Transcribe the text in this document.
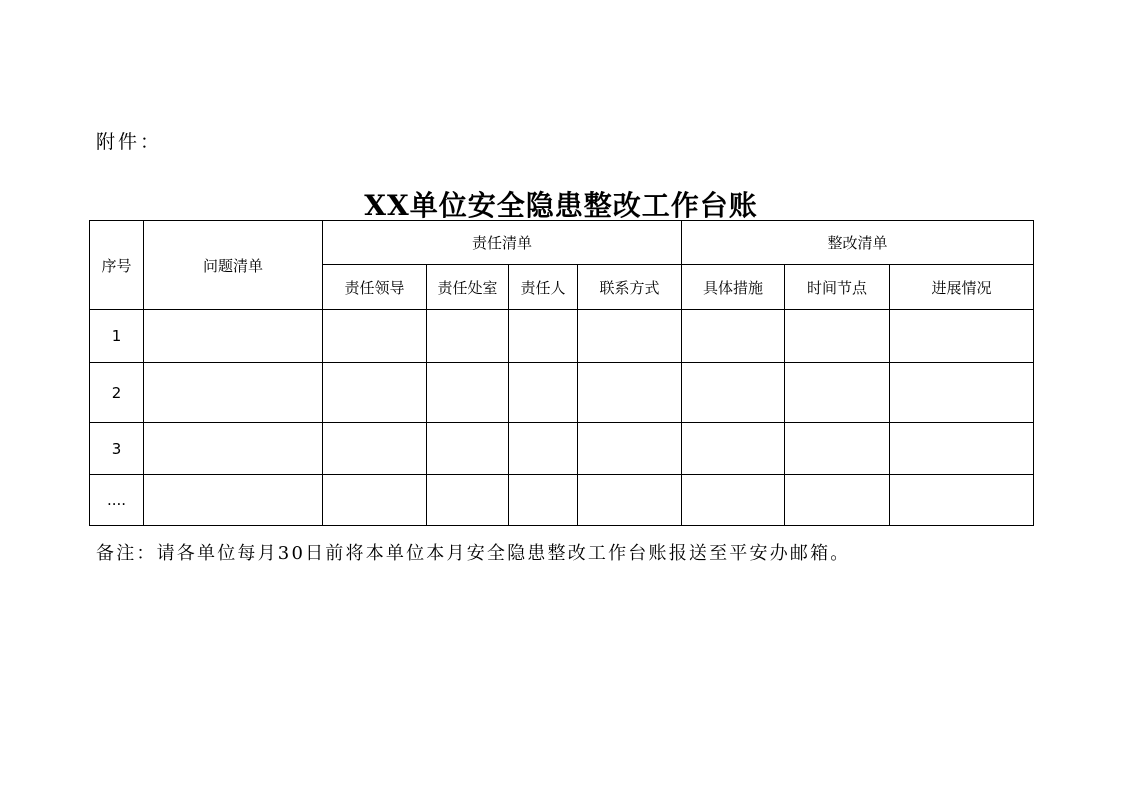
附件：
XX单位安全隐患整改工作台账
序号	问题清单	责任清单				整改清单		
		责任领导	责任处室	责任人	联系方式	具体措施	时间节点	进展情况
1								
2								
3								
....								
备注：请各单位每月30日前将本单位本月安全隐患整改工作台账报送至平安办邮箱。
